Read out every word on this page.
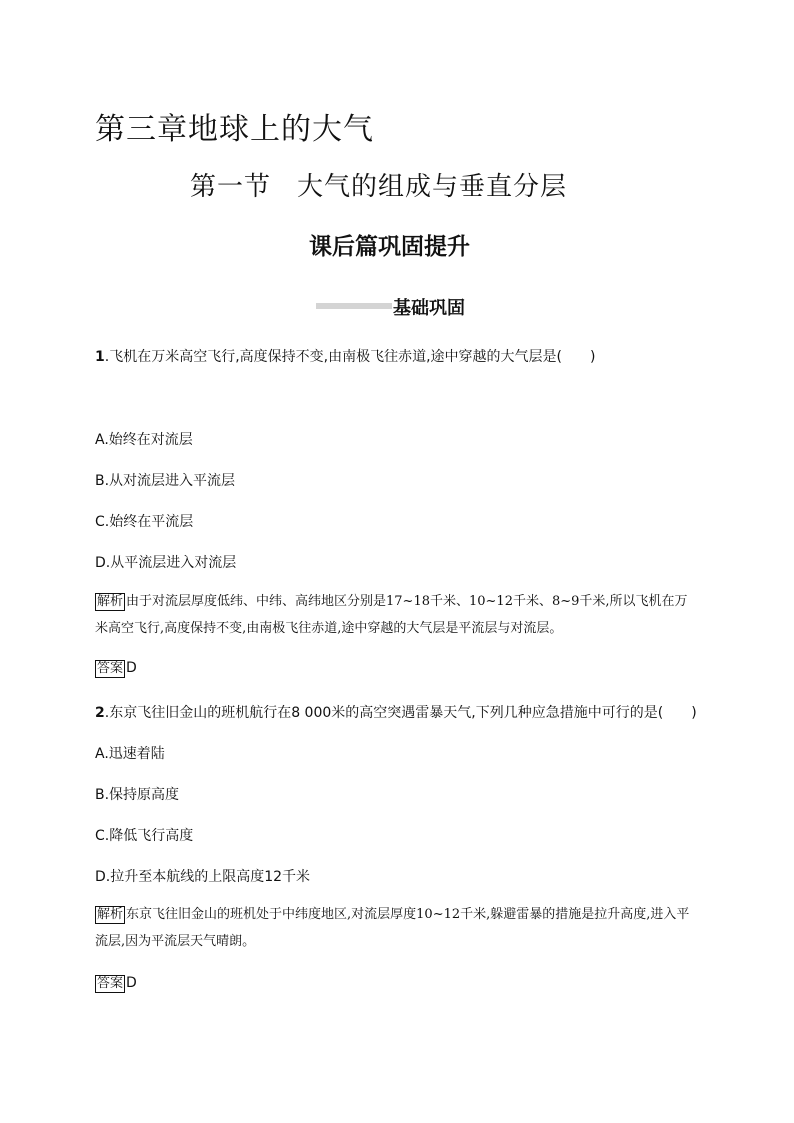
第三章地球上的大气
第一节 大气的组成与垂直分层
课后篇巩固提升
基础巩固
1.飞机在万米高空飞行,高度保持不变,由南极飞往赤道,途中穿越的大气层是(　　)
A.始终在对流层
B.从对流层进入平流层
C.始终在平流层
D.从平流层进入对流层
解析 由于对流层厚度低纬、中纬、高纬地区分别是17~18千米、10~12千米、8~9千米,所以飞机在万米高空飞行,高度保持不变,由南极飞往赤道,途中穿越的大气层是平流层与对流层。
答案 D
2.东京飞往旧金山的班机航行在8 000米的高空突遇雷暴天气,下列几种应急措施中可行的是(　　)
A.迅速着陆
B.保持原高度
C.降低飞行高度
D.拉升至本航线的上限高度12千米
解析 东京飞往旧金山的班机处于中纬度地区,对流层厚度10~12千米,躲避雷暴的措施是拉升高度,进入平流层,因为平流层天气晴朗。
答案 D
